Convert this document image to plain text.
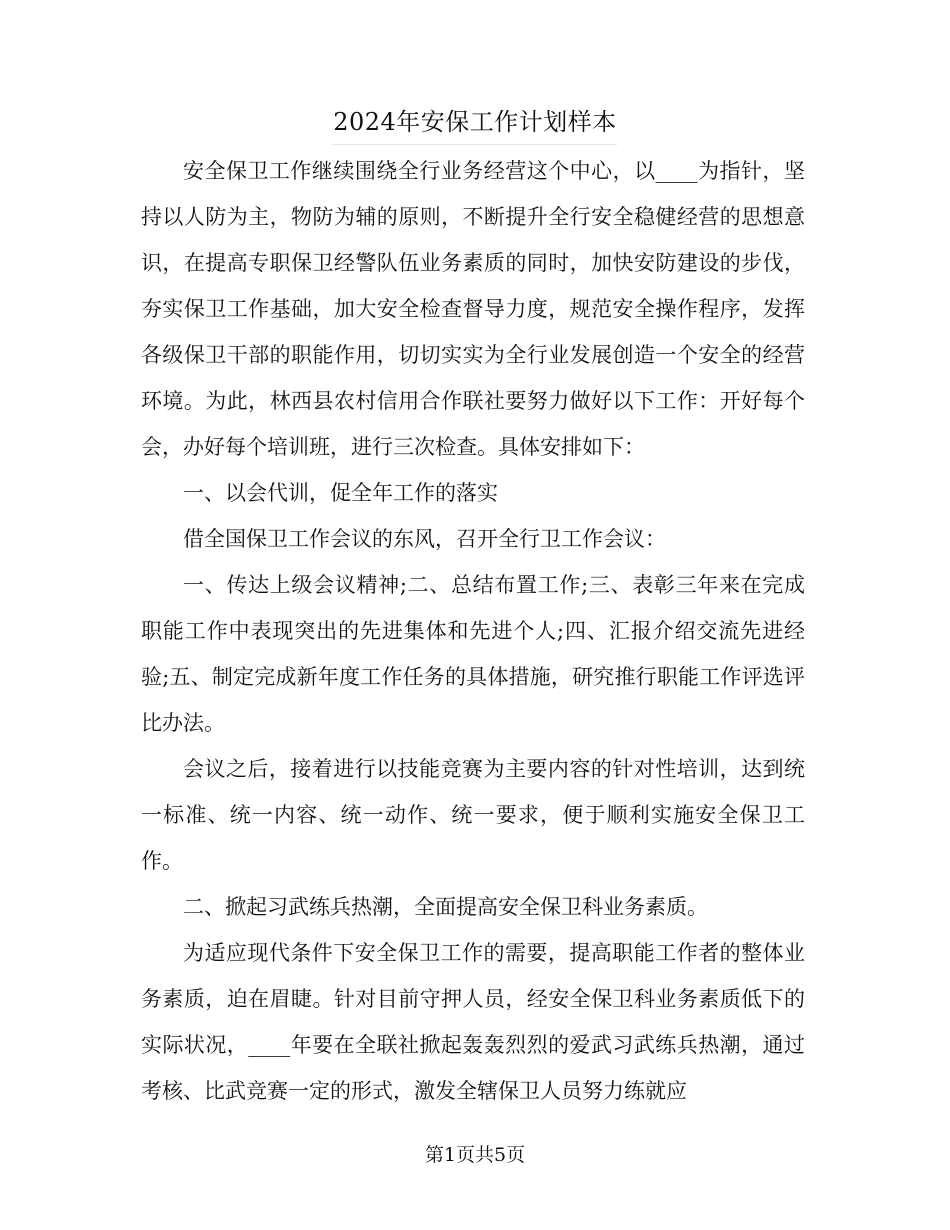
2024年安保工作计划样本

安全保卫工作继续围绕全行业务经营这个中心，以____为指针，坚持以人防为主，物防为辅的原则，不断提升全行安全稳健经营的思想意识，在提高专职保卫经警队伍业务素质的同时，加快安防建设的步伐，夯实保卫工作基础，加大安全检查督导力度，规范安全操作程序，发挥各级保卫干部的职能作用，切切实实为全行业发展创造一个安全的经营环境。为此，林西县农村信用合作联社要努力做好以下工作：开好每个会，办好每个培训班，进行三次检查。具体安排如下：

一、以会代训，促全年工作的落实

借全国保卫工作会议的东风，召开全行卫工作会议：

一、传达上级会议精神;二、总结布置工作;三、表彰三年来在完成职能工作中表现突出的先进集体和先进个人;四、汇报介绍交流先进经验;五、制定完成新年度工作任务的具体措施，研究推行职能工作评选评比办法。

会议之后，接着进行以技能竞赛为主要内容的针对性培训，达到统一标准、统一内容、统一动作、统一要求，便于顺利实施安全保卫工作。

二、掀起习武练兵热潮，全面提高安全保卫科业务素质。

为适应现代条件下安全保卫工作的需要，提高职能工作者的整体业务素质，迫在眉睫。针对目前守押人员，经安全保卫科业务素质低下的实际状况，____年要在全联社掀起轰轰烈烈的爱武习武练兵热潮，通过考核、比武竞赛一定的形式，激发全辖保卫人员努力练就应

第1页共5页
